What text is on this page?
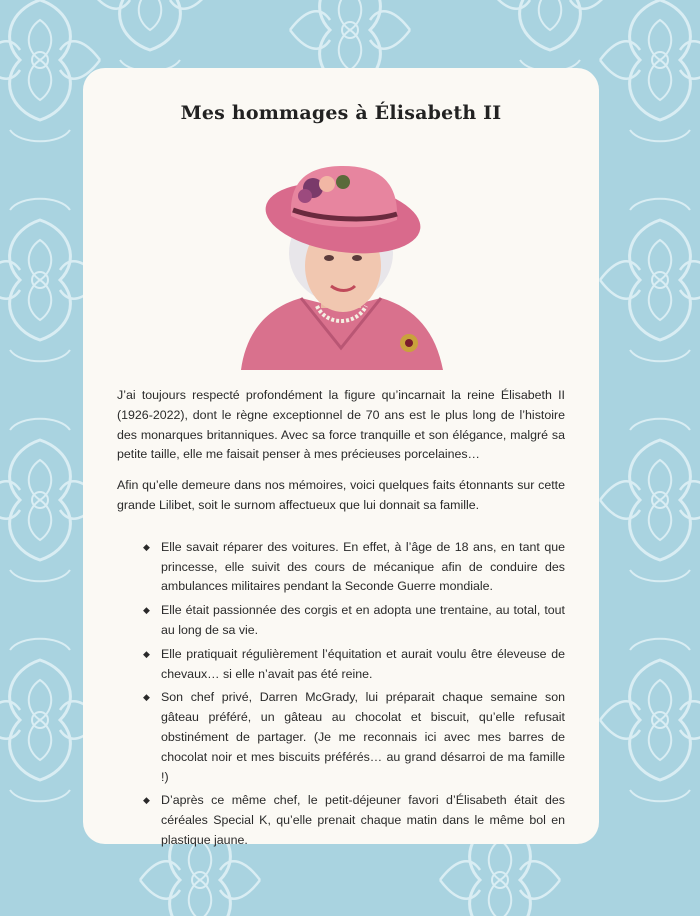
Mes hommages à Élisabeth II

J’ai toujours respecté profondément la figure qu’incarnait la reine Élisabeth II (1926-2022), dont le règne exceptionnel de 70 ans est le plus long de l’histoire des monarques britanniques. Avec sa force tranquille et son élégance, malgré sa petite taille, elle me faisait penser à mes précieuses porcelaines…

Afin qu’elle demeure dans nos mémoires, voici quelques faits étonnants sur cette grande Lilibet, soit le surnom affectueux que lui donnait sa famille.

◆ Elle savait réparer des voitures. En effet, à l’âge de 18 ans, en tant que princesse, elle suivit des cours de mécanique afin de conduire des ambulances militaires pendant la Seconde Guerre mondiale.
◆ Elle était passionnée des corgis et en adopta une trentaine, au total, tout au long de sa vie.
◆ Elle pratiquait régulièrement l’équitation et aurait voulu être éleveuse de chevaux… si elle n’avait pas été reine.
◆ Son chef privé, Darren McGrady, lui préparait chaque semaine son gâteau préféré, un gâteau au chocolat et biscuit, qu’elle refusait obstinément de partager. (Je me reconnais ici avec mes barres de chocolat noir et mes biscuits préférés… au grand désarroi de ma famille !)
◆ D’après ce même chef, le petit-déjeuner favori d’Élisabeth était des céréales Special K, qu’elle prenait chaque matin dans le même bol en plastique jaune.
